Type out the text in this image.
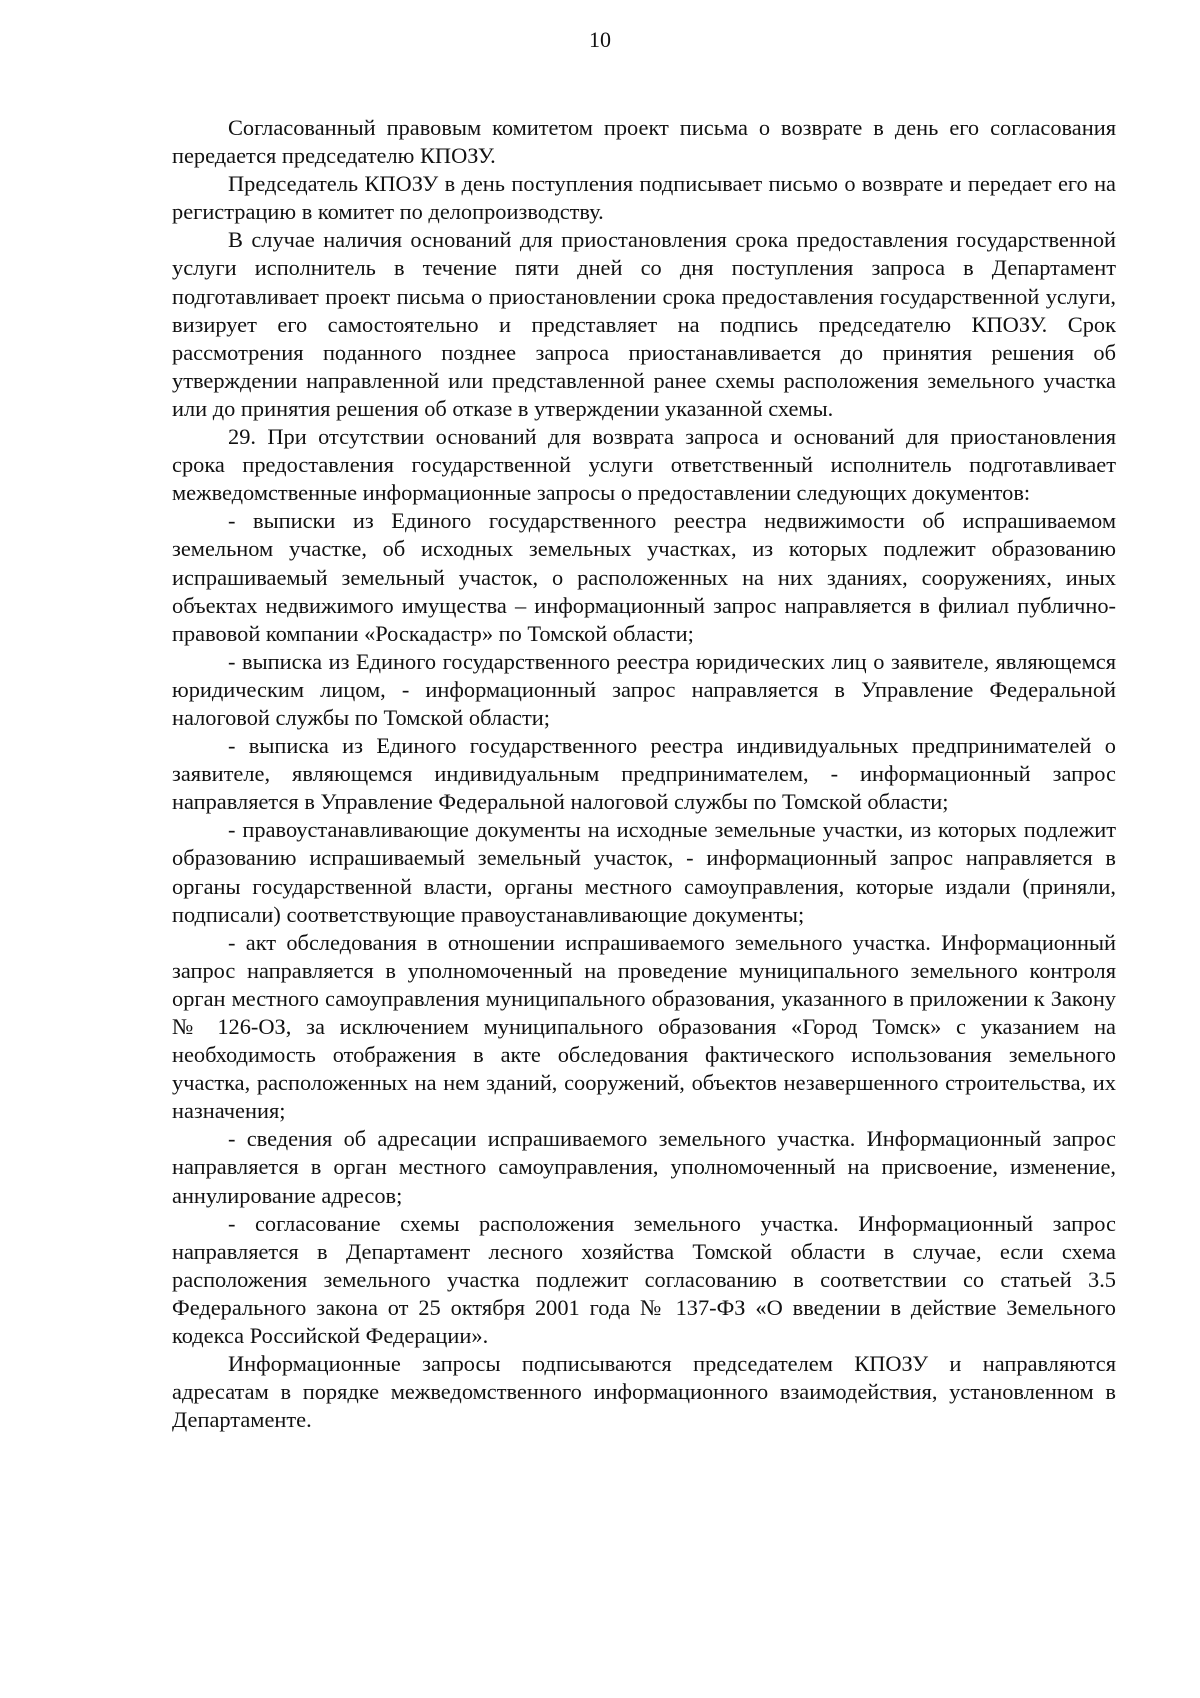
10

Согласованный правовым комитетом проект письма о возврате в день его согласования передается председателю КПОЗУ.

Председатель КПОЗУ в день поступления подписывает письмо о возврате и передает его на регистрацию в комитет по делопроизводству.

В случае наличия оснований для приостановления срока предоставления государственной услуги исполнитель в течение пяти дней со дня поступления запроса в Департамент подготавливает проект письма о приостановлении срока предоставления государственной услуги, визирует его самостоятельно и представляет на подпись председателю КПОЗУ. Срок рассмотрения поданного позднее запроса приостанавливается до принятия решения об утверждении направленной или представленной ранее схемы расположения земельного участка или до принятия решения об отказе в утверждении указанной схемы.

29. При отсутствии оснований для возврата запроса и оснований для приостановления срока предоставления государственной услуги ответственный исполнитель подготавливает межведомственные информационные запросы о предоставлении следующих документов:

- выписки из Единого государственного реестра недвижимости об испрашиваемом земельном участке, об исходных земельных участках, из которых подлежит образованию испрашиваемый земельный участок, о расположенных на них зданиях, сооружениях, иных объектах недвижимого имущества – информационный запрос направляется в филиал публично-правовой компании «Роскадастр» по Томской области;

- выписка из Единого государственного реестра юридических лиц о заявителе, являющемся юридическим лицом, - информационный запрос направляется в Управление Федеральной налоговой службы по Томской области;

- выписка из Единого государственного реестра индивидуальных предпринимателей о заявителе, являющемся индивидуальным предпринимателем, - информационный запрос направляется в Управление Федеральной налоговой службы по Томской области;

- правоустанавливающие документы на исходные земельные участки, из которых подлежит образованию испрашиваемый земельный участок, - информационный запрос направляется в органы государственной власти, органы местного самоуправления, которые издали (приняли, подписали) соответствующие правоустанавливающие документы;

- акт обследования в отношении испрашиваемого земельного участка. Информационный запрос направляется в уполномоченный на проведение муниципального земельного контроля орган местного самоуправления муниципального образования, указанного в приложении к Закону № 126-ОЗ, за исключением муниципального образования «Город Томск» с указанием на необходимость отображения в акте обследования фактического использования земельного участка, расположенных на нем зданий, сооружений, объектов незавершенного строительства, их назначения;

- сведения об адресации испрашиваемого земельного участка. Информационный запрос направляется в орган местного самоуправления, уполномоченный на присвоение, изменение, аннулирование адресов;

- согласование схемы расположения земельного участка. Информационный запрос направляется в Департамент лесного хозяйства Томской области в случае, если схема расположения земельного участка подлежит согласованию в соответствии со статьей 3.5 Федерального закона от 25 октября 2001 года № 137-ФЗ «О введении в действие Земельного кодекса Российской Федерации».

Информационные запросы подписываются председателем КПОЗУ и направляются адресатам в порядке межведомственного информационного взаимодействия, установленном в Департаменте.
